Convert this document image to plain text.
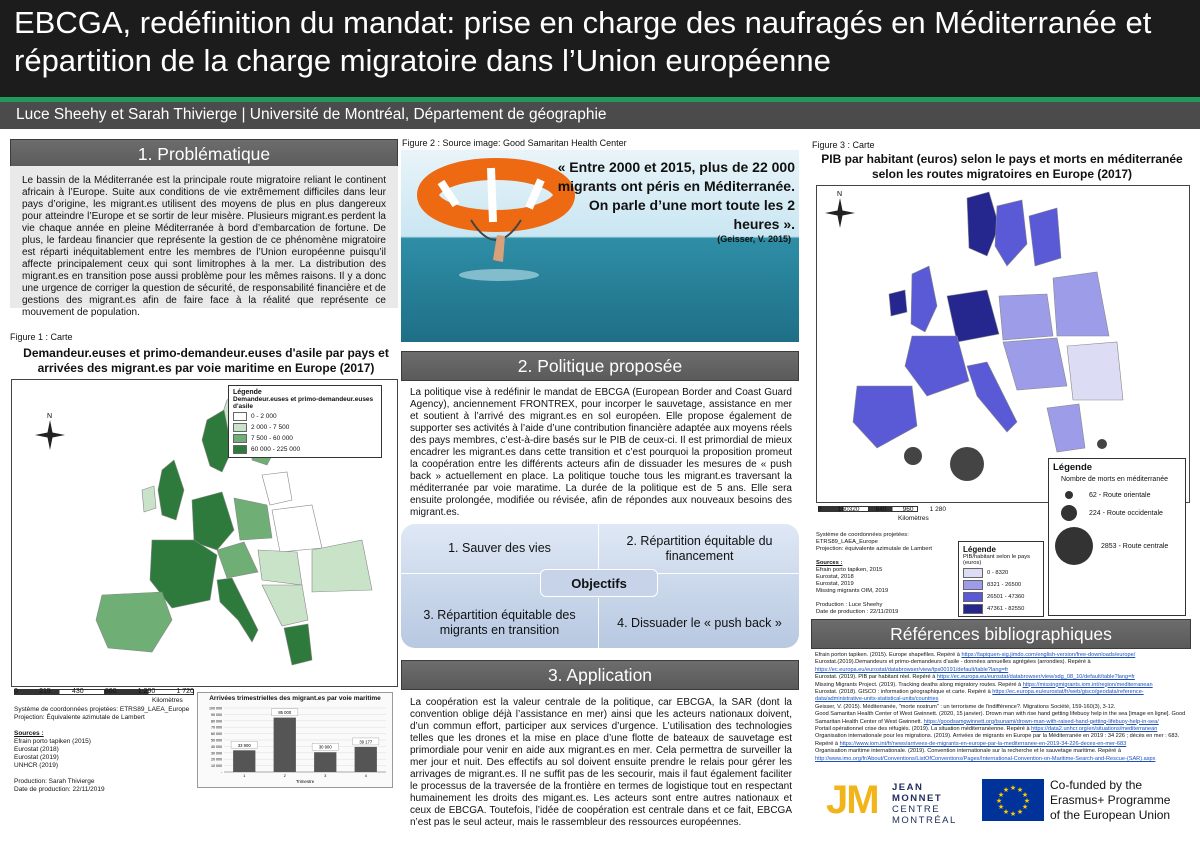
EBCGA, redéfinition du mandat: prise en charge des naufragés en Méditerranée et répartition de la charge migratoire dans l’Union européenne
Luce Sheehy et Sarah Thivierge | Université de Montréal, Département de géographie
1. Problématique
Le bassin de la Méditerranée est la principale route migratoire reliant le continent africain à l’Europe. Suite aux conditions de vie extrêmement difficiles dans leur pays d’origine, les migrant.es utilisent des moyens de plus en plus dangereux pour atteindre l’Europe et se sortir de leur misère. Plusieurs migrant.es perdent la vie chaque année en pleine Méditerranée à bord d’embarcation de fortune. De plus, le fardeau financier que représente la gestion de ce phénomène migratoire est réparti inéquitablement entre les membres de l’Union européenne puisqu’il affecte principalement ceux qui sont limitrophes à la mer. La distribution des migrant.es en transition pose aussi problème pour les mêmes raisons. Il y a donc une urgence de corriger la question de sécurité, de responsabilité financière et de gestions des migrant.es afin de faire face à la réalité que représente ce mouvement de population.
Figure 1 : Carte
Demandeur.euses et primo-demandeur.euses d'asile par pays et arrivées des migrant.es par voie maritime en Europe (2017)
Légende
Demandeur.euses et primo-demandeur.euses d'asile
0 - 2 000
2 000 - 7 500
7 500 - 60 000
60 000 - 225 000
N
0	215	430	860	1 290	1 720
Kilomètres
Système de coordonnées projetées: ETRS89_LAEA_Europe
Projection: Équivalente azimutale de Lambert
Sources :
Efrain porto tapiken (2015)
Eurostat (2018)
Eurostat (2019)
UNHCR (2019)
Production: Sarah Thivierge
Date de production: 22/11/2019
Arrivées trimestrielles des migrant.es par voie maritime
-
10 000
20 000
30 000
40 000
50 000
60 000
70 000
80 000
90 000
100 000
33 900
1
85 000
2
30 900
3
39 177
4
Trimestre
Figure 2 : Source image: Good Samaritan Health Center
« Entre 2000 et 2015, plus de 22 000 migrants ont péris en Méditerranée. On parle d’une mort toute les 2 heures ».
(Geisser, V. 2015)
2. Politique proposée
La politique vise à redéfinir le mandat de EBCGA (European Border and Coast Guard Agency), anciennement FRONTREX, pour incorper le sauvetage, assistance en mer et soutient à l’arrivé des migrant.es en sol européen. Elle propose également de supporter ses activités à l’aide d’une contribution financière adaptée aux moyens réels des pays membres, c’est-à-dire basés sur le PIB de ceux-ci. Il est primordial de mieux encadrer les migrant.es dans cette transition et c’est pourquoi la proposition promeut la coopération entre les différents acteurs afin de dissuader les mesures de « push back » actuellement en place. La politique touche tous les migrant.es traversant la méditerranée par voie maratime. La durée de la politique est de 5 ans. Elle sera ensuite prolongée, modifiée ou révisée, afin de répondes aux nouveaux besoins des migrant.es.
1. Sauver des vies
2. Répartition équitable du financement
3. Répartition équitable des migrants en transition
4. Dissuader le « push back »
Objectifs
3. Application
La coopération est la valeur centrale de la politique, car EBCGA, la SAR (dont la convention oblige déjà l’assistance en mer) ainsi que les acteurs nationaux doivent, d’un commun effort, participer aux services d’urgence. L’utilisation des technologies telles que les drones et la mise en place d’une flotte de bateaux de sauvetage est primordiale pour venir en aide aux migrant.es en mer. Cela permettra de surveiller la mer jour et nuit. Des effectifs au sol doivent ensuite prendre le relais pour gérer les arrivages de migrant.es. Il ne suffit pas de les secourir, mais il faut également faciliter le processus de la traversée de la frontière en termes de logistique tout en respectant humainement les droits des migant.es. Les acteurs sont entre autres nationaux et ceux de EBCGA. Toutefois, l’idée de coopération est centrale dans et ce fait, EBCGA n’est pas le seul acteur, mais le rassembleur des ressources européennes.
Figure 3 : Carte
PIB par habitant (euros) selon le pays et morts en méditerranée selon les routes migratoires en Europe (2017)
N
Légende
Nombre de morts en méditerranée
62 - Route orientale
224 - Route occidentale
2853 - Route centrale
0 160320 640 960 1 280
Kilomètres
Système de coordonnées projetées: ETRS89_LAEA_Europe
Projection: équivalente azimutale de Lambert
Sources :
Efrain porto tapiken, 2015
Eurostat, 2018
Eurostat, 2019
Missing migrants OIM, 2019
Production : Luce Sheehy
Date de production : 22/11/2019
Légende
PIB/habitant selon le pays (euros)
0 - 8320
8321 - 26500
26501 - 47360
47361 - 82550
Références bibliographiques
Efrain porton tapiken. (2015). Europe shapefiles. Repéré à https://tapiquen-sig.jimdo.com/english-version/free-downloads/europe/
Eurostat.(2019).Demandeurs et primo-demandeurs d'asile - données annuelles agrégées (arrondies). Repéré à https://ec.europa.eu/eurostat/databrowser/view/tps00191/default/table?lang=fr
Eurostat. (2019). PIB par habitant réel. Repéré à https://ec.europa.eu/eurostat/databrowser/view/sdg_08_10/default/table?lang=fr
Missing Migrants Project. (2019). Tracking deaths along migratory routes. Repéré à https://missingmigrants.iom.int/region/mediterranean
Eurostat. (2018). GISCO : information géographique et carte. Repéré à https://ec.europa.eu/eurostat/fr/web/gisco/geodata/reference-data/administrative-units-statistical-units/countries
Geisser, V. (2015). Méditerranée, "morte nostrum" : un terrorisme de l'indifférence?. Migrations Société, 159-160(3), 3-12.
Good Samaritan Health Center of West Gwinnett. (2020, 15 janvier). Drown man with rise hand getting lifebuoy help in the sea [image en ligne]. Good Samaritan Health Center of West Gwinnett. https://goodsamgwinnett.org/tsunami/drown-man-with-raised-hand-getting-lifebuoy-help-in-sea/
Portail opérationnel crise des réfugiés. (2019). La situation méditerranéenne. Repéré à https://data2.unhcr.org/en/situations/mediterranean
Organisation internationale pour les migrations. (2019). Arrivées de migrants en Europe par la Méditerranée en 2019 : 34 226 ; décès en mer : 683. Repéré à https://www.iom.int/fr/news/arrivees-de-migrants-en-europe-par-la-mediterranee-en-2019-34-226-deces-en-mer-683
Organisation maritime internationale. (2019). Convention internationale sur la recherche et le sauvetage maritime. Repéré à http://www.imo.org/fr/About/Conventions/ListOfConventions/Pages/International-Convention-on-Maritime-Search-and-Rescue-(SAR).aspx
JM JEAN
MONNET
CENTRE
MONTRÉAL
★ ★
★
★
★
★
★
★
★
★
★
★	Co-funded by the
Erasmus+ Programme
of the European Union
